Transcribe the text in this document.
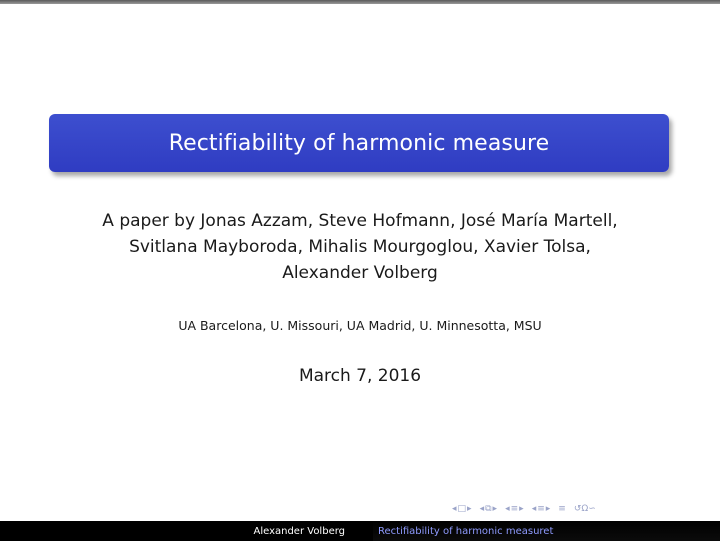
Rectifiability of harmonic measure
A paper by Jonas Azzam, Steve Hofmann, José María Martell,
Svitlana Mayboroda, Mihalis Mourgoglou, Xavier Tolsa,
Alexander Volberg
UA Barcelona, U. Missouri, UA Madrid, U. Minnesotta, MSU
March 7, 2016
◂ □ ▸ ◂ ⧉ ▸ ◂ ≡ ▸ ◂ ≡ ▸ ≡ ↺Ω∽
Alexander Volberg	Rectifiability of harmonic measuret
